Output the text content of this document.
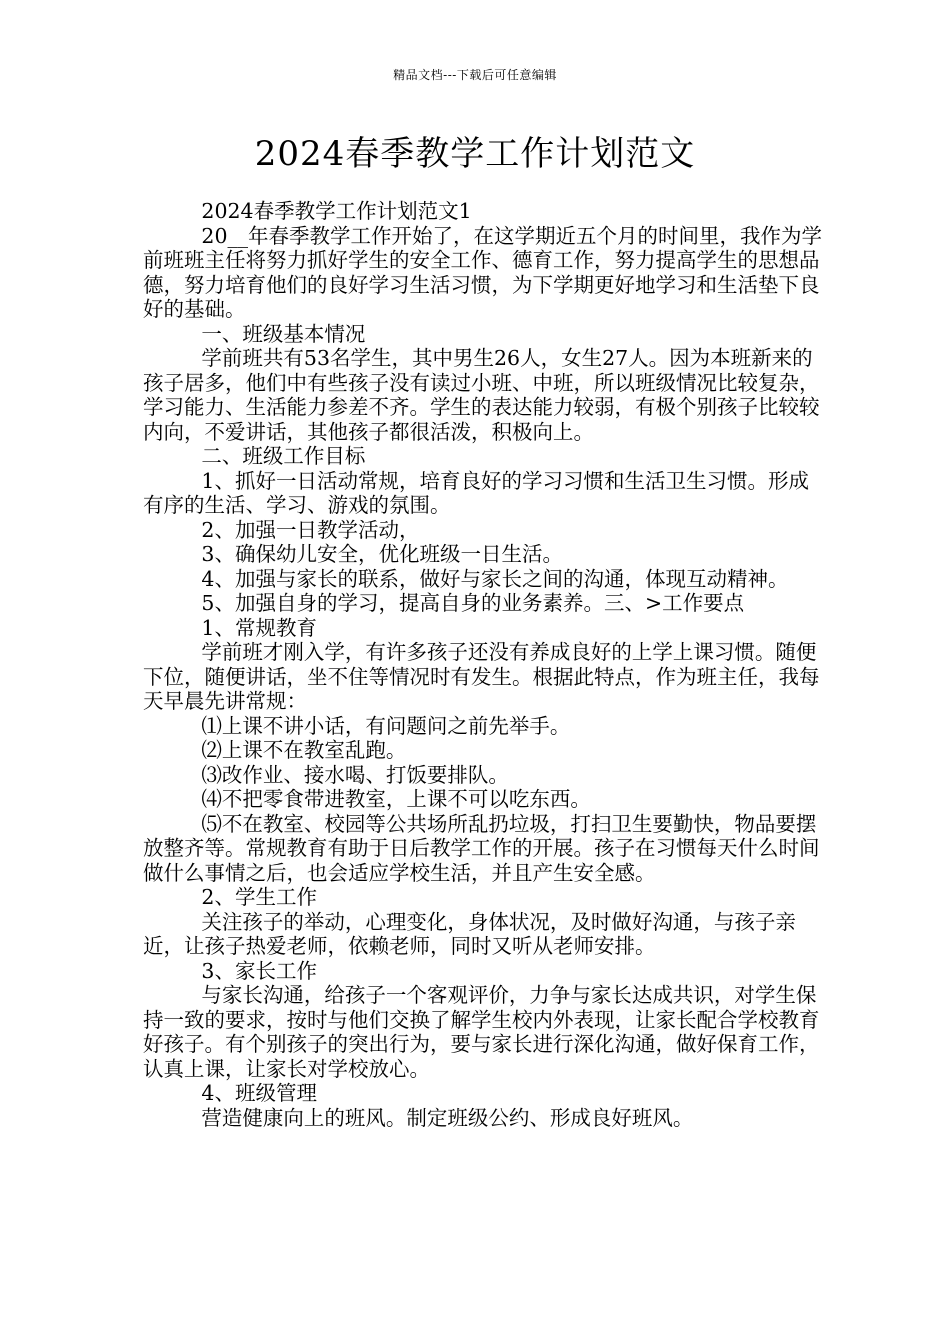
精品文档---下载后可任意编辑
2024春季教学工作计划范文

2024春季教学工作计划范文1

20__年春季教学工作开始了，在这学期近五个月的时间里，我作为学前班班主任将努力抓好学生的安全工作、德育工作，努力提高学生的思想品德，努力培育他们的良好学习生活习惯，为下学期更好地学习和生活垫下良好的基础。

一、班级基本情况

学前班共有53名学生，其中男生26人，女生27人。因为本班新来的孩子居多，他们中有些孩子没有读过小班、中班，所以班级情况比较复杂，学习能力、生活能力参差不齐。学生的表达能力较弱，有极个别孩子比较较内向，不爱讲话，其他孩子都很活泼，积极向上。

二、班级工作目标

1、抓好一日活动常规，培育良好的学习习惯和生活卫生习惯。形成有序的生活、学习、游戏的氛围。

2、加强一日教学活动，

3、确保幼儿安全，优化班级一日生活。

4、加强与家长的联系，做好与家长之间的沟通，体现互动精神。

5、加强自身的学习，提高自身的业务素养。三、>工作要点

1、常规教育

学前班才刚入学，有许多孩子还没有养成良好的上学上课习惯。随便下位，随便讲话，坐不住等情况时有发生。根据此特点，作为班主任，我每天早晨先讲常规：

⑴上课不讲小话，有问题问之前先举手。

⑵上课不在教室乱跑。

⑶改作业、接水喝、打饭要排队。

⑷不把零食带进教室，上课不可以吃东西。

⑸不在教室、校园等公共场所乱扔垃圾，打扫卫生要勤快，物品要摆放整齐等。常规教育有助于日后教学工作的开展。孩子在习惯每天什么时间做什么事情之后，也会适应学校生活，并且产生安全感。

2、学生工作

关注孩子的举动，心理变化，身体状况，及时做好沟通，与孩子亲近，让孩子热爱老师，依赖老师，同时又听从老师安排。

3、家长工作

与家长沟通，给孩子一个客观评价，力争与家长达成共识，对学生保持一致的要求，按时与他们交换了解学生校内外表现，让家长配合学校教育好孩子。有个别孩子的突出行为，要与家长进行深化沟通，做好保育工作，认真上课，让家长对学校放心。

4、班级管理

营造健康向上的班风。制定班级公约、形成良好班风。
